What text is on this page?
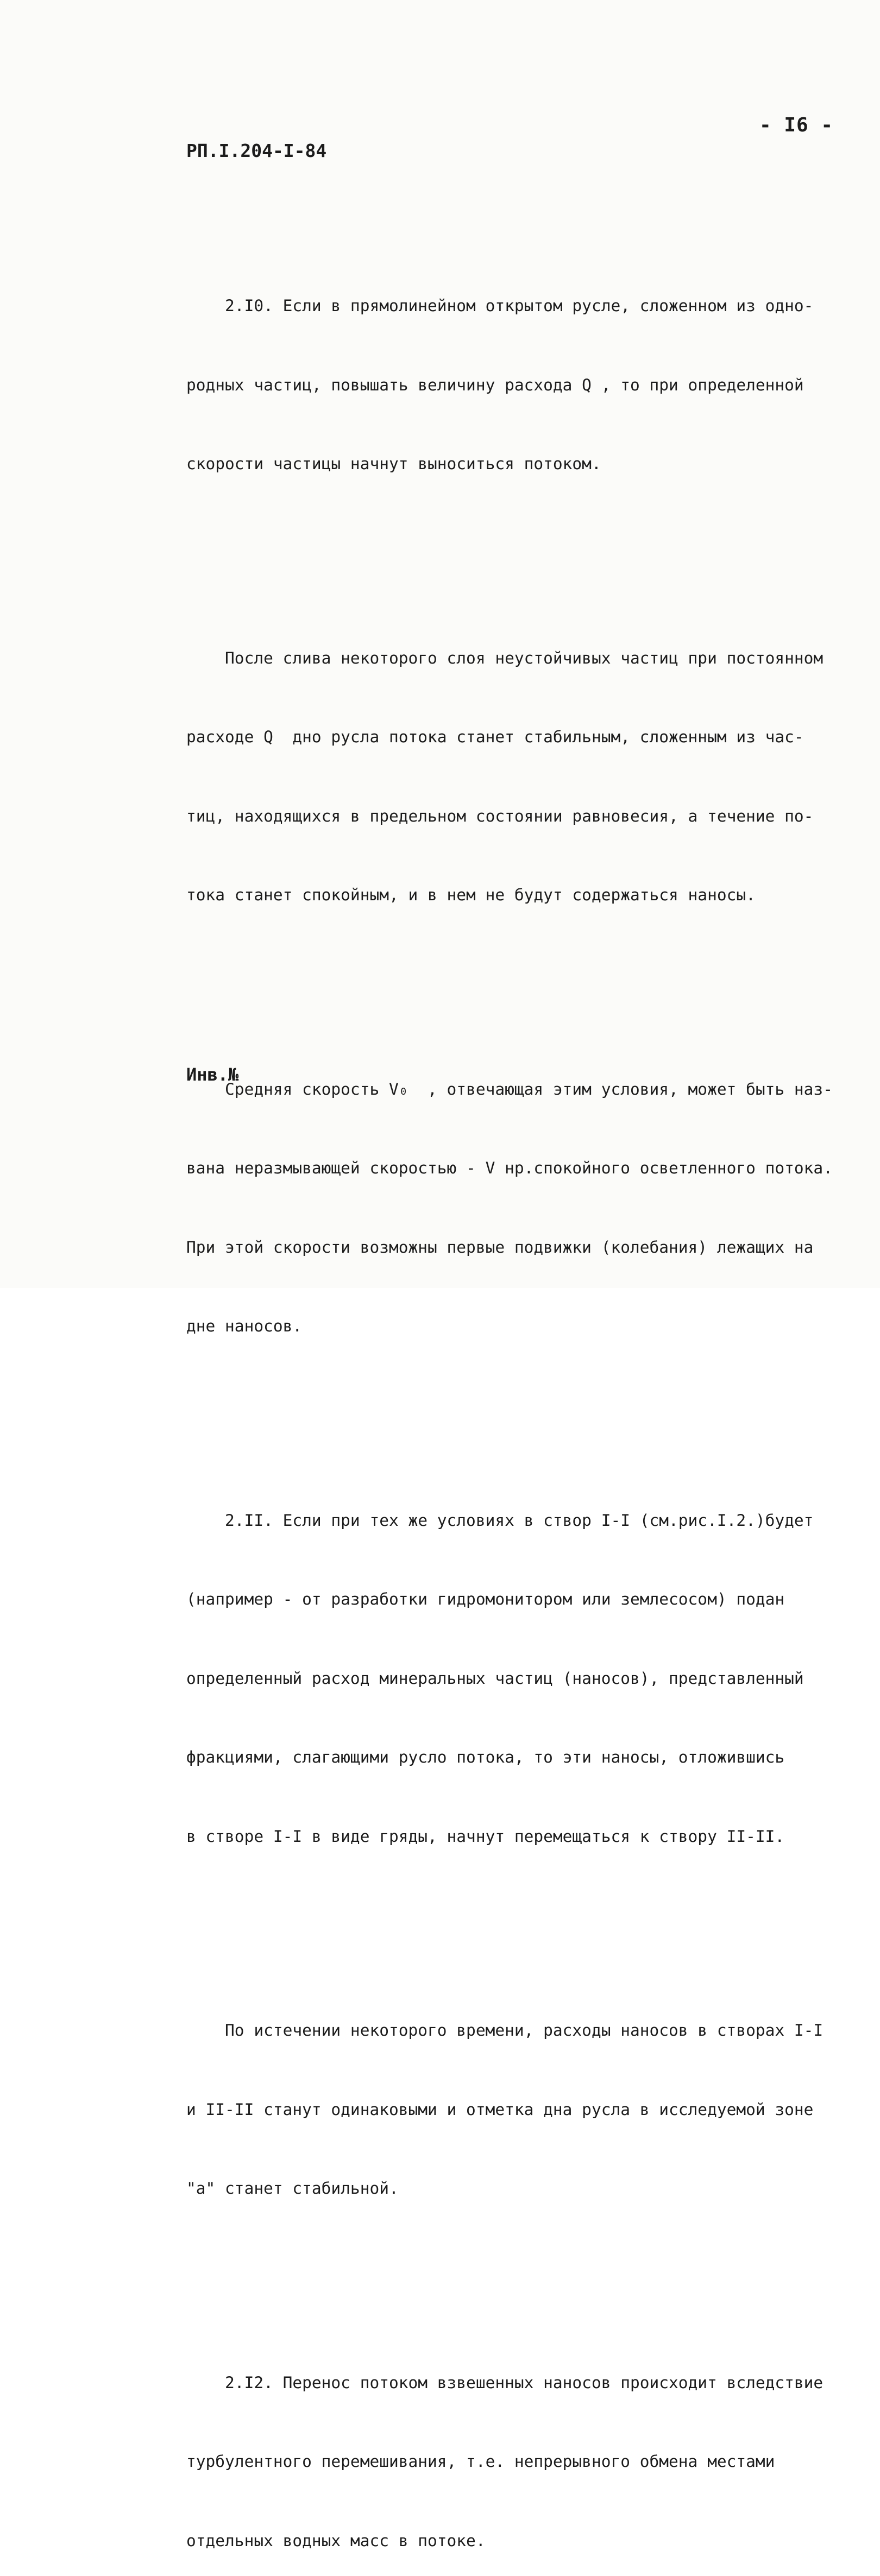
- I6 -
РП.I.204-I-84

2.I0. Если в прямолинейном открытом русле, сложенном из одно-

родных частиц, повышать величину расхода Q , то при определенной

скорости частицы начнут выноситься потоком.

После слива некоторого слоя неустойчивых частиц при постоянном

расходе Q  дно русла потока станет стабильным, сложенным из час-

тиц, находящихся в предельном состоянии равновесия, а течение по-

тока станет спокойным, и в нем не будут содержаться наносы.

Средняя скорость V₀  , отвечающая этим условия, может быть наз-

вана неразмывающей скоростью - V нр.спокойного осветленного потока.

При этой скорости возможны первые подвижки (колебания) лежащих на

дне наносов.

2.II. Если при тех же условиях в створ I-I (см.рис.I.2.)будет

(например - от разработки гидромонитором или землесосом) подан

определенный расход минеральных частиц (наносов), представленный

фракциями, слагающими русло потока, то эти наносы, отложившись

в створе I-I в виде гряды, начнут перемещаться к створу II-II.

По истечении некоторого времени, расходы наносов в створах I-I

и II-II станут одинаковыми и отметка дна русла в исследуемой зоне

"а" станет стабильной.

2.I2. Перенос потоком взвешенных наносов происходит вследствие

турбулентного перемешивания, т.е. непрерывного обмена местами

отдельных водных масс в потоке.

Инв.№
